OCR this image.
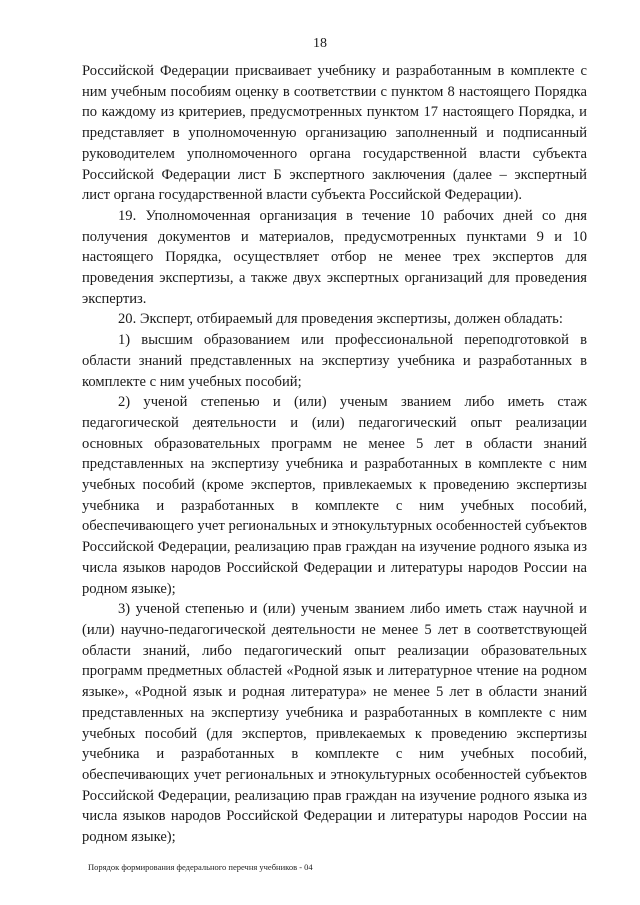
18

Российской Федерации присваивает учебнику и разработанным в комплекте с ним учебным пособиям оценку в соответствии с пунктом 8 настоящего Порядка по каждому из критериев, предусмотренных пунктом 17 настоящего Порядка, и представляет в уполномоченную организацию заполненный и подписанный руководителем уполномоченного органа государственной власти субъекта Российской Федерации лист Б экспертного заключения (далее – экспертный лист органа государственной власти субъекта Российской Федерации).

19. Уполномоченная организация в течение 10 рабочих дней со дня получения документов и материалов, предусмотренных пунктами 9 и 10 настоящего Порядка, осуществляет отбор не менее трех экспертов для проведения экспертизы, а также двух экспертных организаций для проведения экспертиз.

20. Эксперт, отбираемый для проведения экспертизы, должен обладать:

1) высшим образованием или профессиональной переподготовкой в области знаний представленных на экспертизу учебника и разработанных в комплекте с ним учебных пособий;

2) ученой степенью и (или) ученым званием либо иметь стаж педагогической деятельности и (или) педагогический опыт реализации основных образовательных программ не менее 5 лет в области знаний представленных на экспертизу учебника и разработанных в комплекте с ним учебных пособий (кроме экспертов, привлекаемых к проведению экспертизы учебника и разработанных в комплекте с ним учебных пособий, обеспечивающего учет региональных и этнокультурных особенностей субъектов Российской Федерации, реализацию прав граждан на изучение родного языка из числа языков народов Российской Федерации и литературы народов России на родном языке);

3) ученой степенью и (или) ученым званием либо иметь стаж научной и (или) научно-педагогической деятельности не менее 5 лет в соответствующей области знаний, либо педагогический опыт реализации образовательных программ предметных областей «Родной язык и литературное чтение на родном языке», «Родной язык и родная литература» не менее 5 лет в области знаний представленных на экспертизу учебника и разработанных в комплекте с ним учебных пособий (для экспертов, привлекаемых к проведению экспертизы учебника и разработанных в комплекте с ним учебных пособий, обеспечивающих учет региональных и этнокультурных особенностей субъектов Российской Федерации, реализацию прав граждан на изучение родного языка из числа языков народов Российской Федерации и литературы народов России на родном языке);

Порядок формирования федерального перечня учебников - 04
